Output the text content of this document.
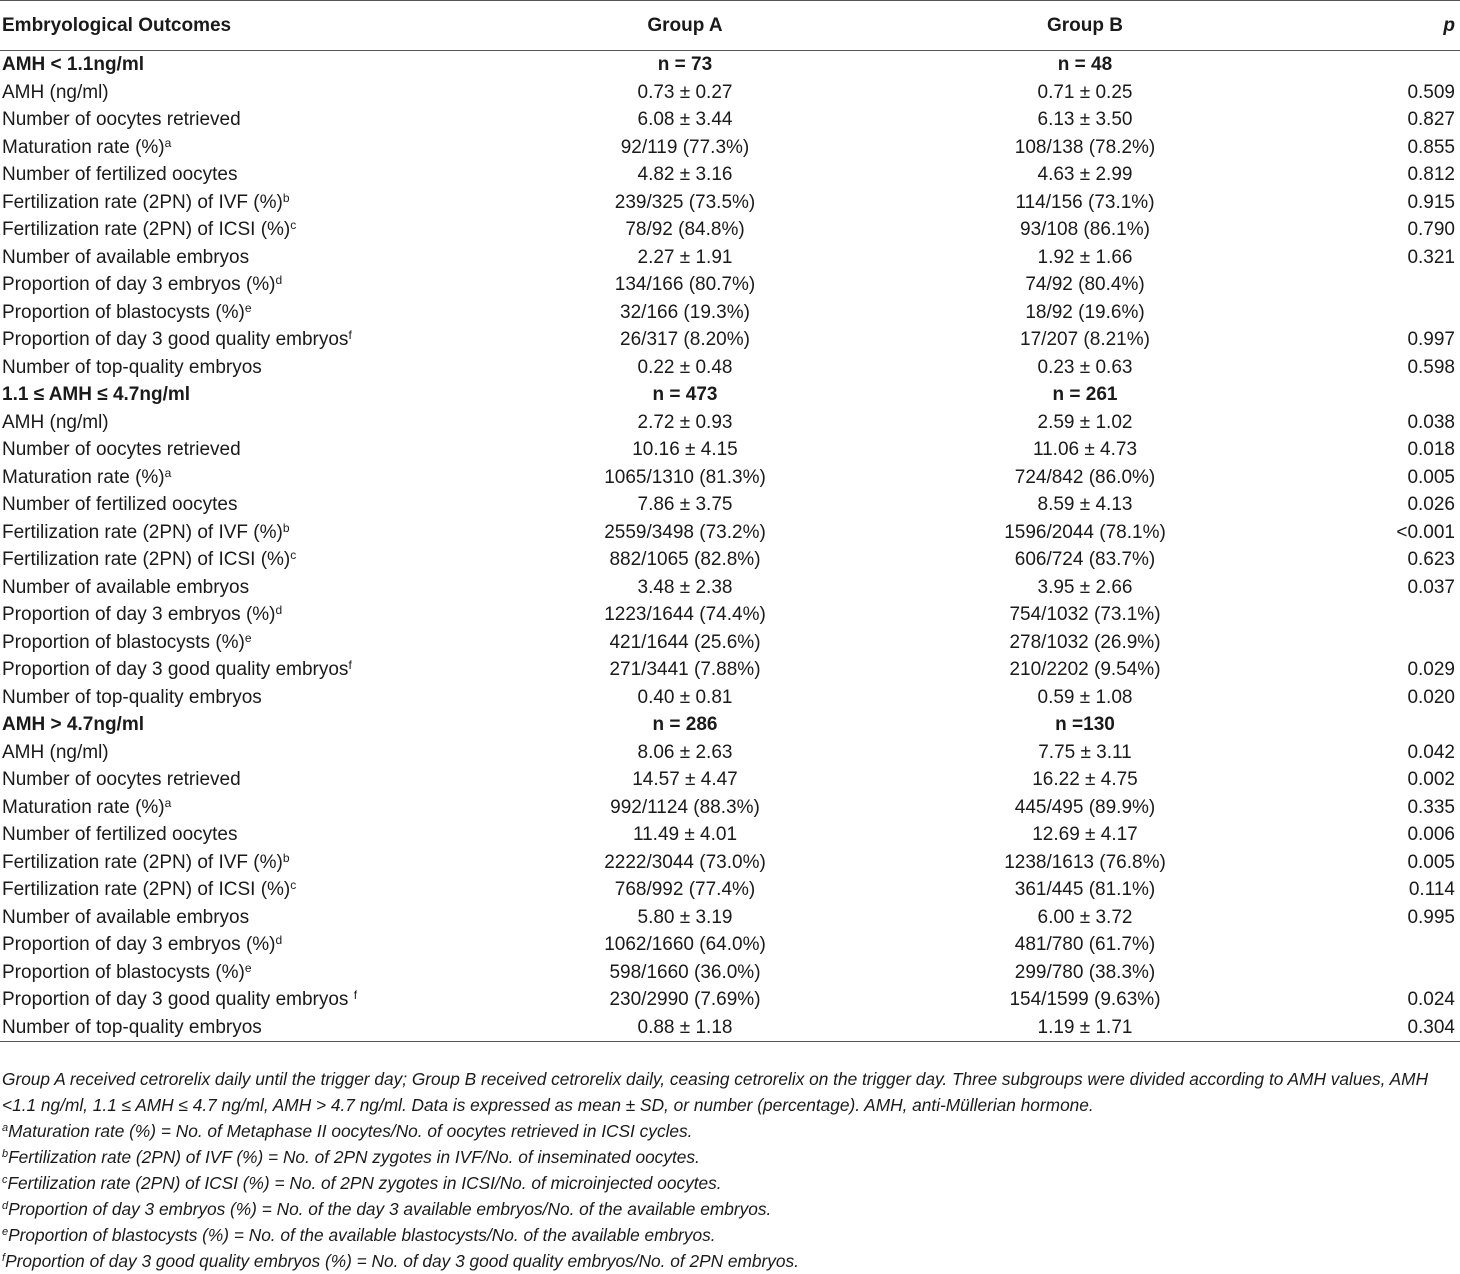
Embryological Outcomes	Group A	Group B	p
AMH < 1.1ng/ml	n = 73	n = 48	
AMH (ng/ml)	0.73 ± 0.27	0.71 ± 0.25	0.509
Number of oocytes retrieved	6.08 ± 3.44	6.13 ± 3.50	0.827
Maturation rate (%)$^a$	92/119 (77.3%)	108/138 (78.2%)	0.855
Number of fertilized oocytes	4.82 ± 3.16	4.63 ± 2.99	0.812
Fertilization rate (2PN) of IVF (%)$^b$	239/325 (73.5%)	114/156 (73.1%)	0.915
Fertilization rate (2PN) of ICSI (%)$^c$	78/92 (84.8%)	93/108 (86.1%)	0.790
Number of available embryos	2.27 ± 1.91	1.92 ± 1.66	0.321
Proportion of day 3 embryos (%)$^d$	134/166 (80.7%)	74/92 (80.4%)	
Proportion of blastocysts (%)$^e$	32/166 (19.3%)	18/92 (19.6%)	
Proportion of day 3 good quality embryos$^f$	26/317 (8.20%)	17/207 (8.21%)	0.997
Number of top-quality embryos	0.22 ± 0.48	0.23 ± 0.63	0.598
1.1 ≤ AMH ≤ 4.7ng/ml	n = 473	n = 261	
AMH (ng/ml)	2.72 ± 0.93	2.59 ± 1.02	0.038
Number of oocytes retrieved	10.16 ± 4.15	11.06 ± 4.73	0.018
Maturation rate (%)$^a$	1065/1310 (81.3%)	724/842 (86.0%)	0.005
Number of fertilized oocytes	7.86 ± 3.75	8.59 ± 4.13	0.026
Fertilization rate (2PN) of IVF (%)$^b$	2559/3498 (73.2%)	1596/2044 (78.1%)	<0.001
Fertilization rate (2PN) of ICSI (%)$^c$	882/1065 (82.8%)	606/724 (83.7%)	0.623
Number of available embryos	3.48 ± 2.38	3.95 ± 2.66	0.037
Proportion of day 3 embryos (%)$^d$	1223/1644 (74.4%)	754/1032 (73.1%)	
Proportion of blastocysts (%)$^e$	421/1644 (25.6%)	278/1032 (26.9%)	
Proportion of day 3 good quality embryos$^f$	271/3441 (7.88%)	210/2202 (9.54%)	0.029
Number of top-quality embryos	0.40 ± 0.81	0.59 ± 1.08	0.020
AMH > 4.7ng/ml	n = 286	n =130	
AMH (ng/ml)	8.06 ± 2.63	7.75 ± 3.11	0.042
Number of oocytes retrieved	14.57 ± 4.47	16.22 ± 4.75	0.002
Maturation rate (%)$^a$	992/1124 (88.3%)	445/495 (89.9%)	0.335
Number of fertilized oocytes	11.49 ± 4.01	12.69 ± 4.17	0.006
Fertilization rate (2PN) of IVF (%)$^b$	2222/3044 (73.0%)	1238/1613 (76.8%)	0.005
Fertilization rate (2PN) of ICSI (%)$^c$	768/992 (77.4%)	361/445 (81.1%)	0.114
Number of available embryos	5.80 ± 3.19	6.00 ± 3.72	0.995
Proportion of day 3 embryos (%)$^d$	1062/1660 (64.0%)	481/780 (61.7%)	
Proportion of blastocysts (%)$^e$	598/1660 (36.0%)	299/780 (38.3%)	
Proportion of day 3 good quality embryos $^f$	230/2990 (7.69%)	154/1599 (9.63%)	0.024
Number of top-quality embryos	0.88 ± 1.18	1.19 ± 1.71	0.304

Group A received cetrorelix daily until the trigger day; Group B received cetrorelix daily, ceasing cetrorelix on the trigger day. Three subgroups were divided according to AMH values, AMH <1.1 ng/ml, 1.1 ≤ AMH ≤ 4.7 ng/ml, AMH > 4.7 ng/ml. Data is expressed as mean ± SD, or number (percentage). AMH, anti-Müllerian hormone.

$^a$Maturation rate (%) = No. of Metaphase II oocytes/No. of oocytes retrieved in ICSI cycles.

$^b$Fertilization rate (2PN) of IVF (%) = No. of 2PN zygotes in IVF/No. of inseminated oocytes.

$^c$Fertilization rate (2PN) of ICSI (%) = No. of 2PN zygotes in ICSI/No. of microinjected oocytes.

$^d$Proportion of day 3 embryos (%) = No. of the day 3 available embryos/No. of the available embryos.

$^e$Proportion of blastocysts (%) = No. of the available blastocysts/No. of the available embryos.

$^f$Proportion of day 3 good quality embryos (%) = No. of day 3 good quality embryos/No. of 2PN embryos.
